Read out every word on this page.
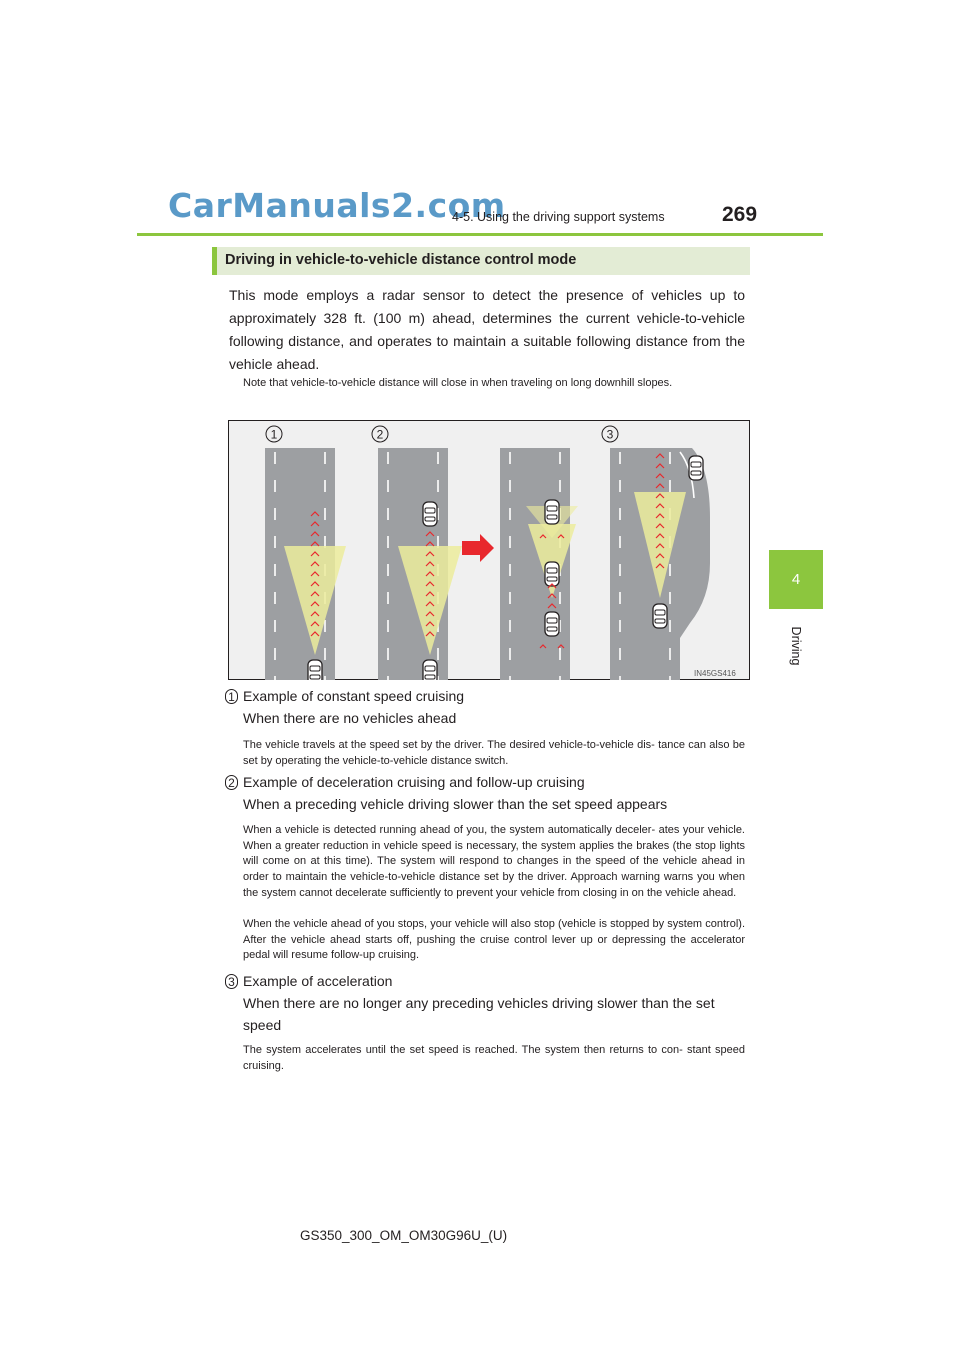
CarManuals2.com
4-5. Using the driving support systems	269
4
Driving
Driving in vehicle-to-vehicle distance control mode

This mode employs a radar sensor to detect the presence of vehicles up to approximately 328 ft. (100 m) ahead, determines the current vehicle-to-vehicle following distance, and operates to maintain a suitable following distance from the vehicle ahead.

Note that vehicle-to-vehicle distance will close in when traveling on long downhill slopes.

1	2	3
IN45GS416
1 Example of constant speed cruising
When there are no vehicles ahead

The vehicle travels at the speed set by the driver. The desired vehicle-to-vehicle dis- tance can also be set by operating the vehicle-to-vehicle distance switch.

2 Example of deceleration cruising and follow-up cruising
When a preceding vehicle driving slower than the set speed appears

When a vehicle is detected running ahead of you, the system automatically deceler- ates your vehicle. When a greater reduction in vehicle speed is necessary, the system applies the brakes (the stop lights will come on at this time). The system will respond to changes in the speed of the vehicle ahead in order to maintain the vehicle-to-vehicle distance set by the driver. Approach warning warns you when the system cannot decelerate sufficiently to prevent your vehicle from closing in on the vehicle ahead.

When the vehicle ahead of you stops, your vehicle will also stop (vehicle is stopped by system control). After the vehicle ahead starts off, pushing the cruise control lever up or depressing the accelerator pedal will resume follow-up cruising.

3 Example of acceleration
When there are no longer any preceding vehicles driving slower than the set speed

The system accelerates until the set speed is reached. The system then returns to con- stant speed cruising.

GS350_300_OM_OM30G96U_(U)
